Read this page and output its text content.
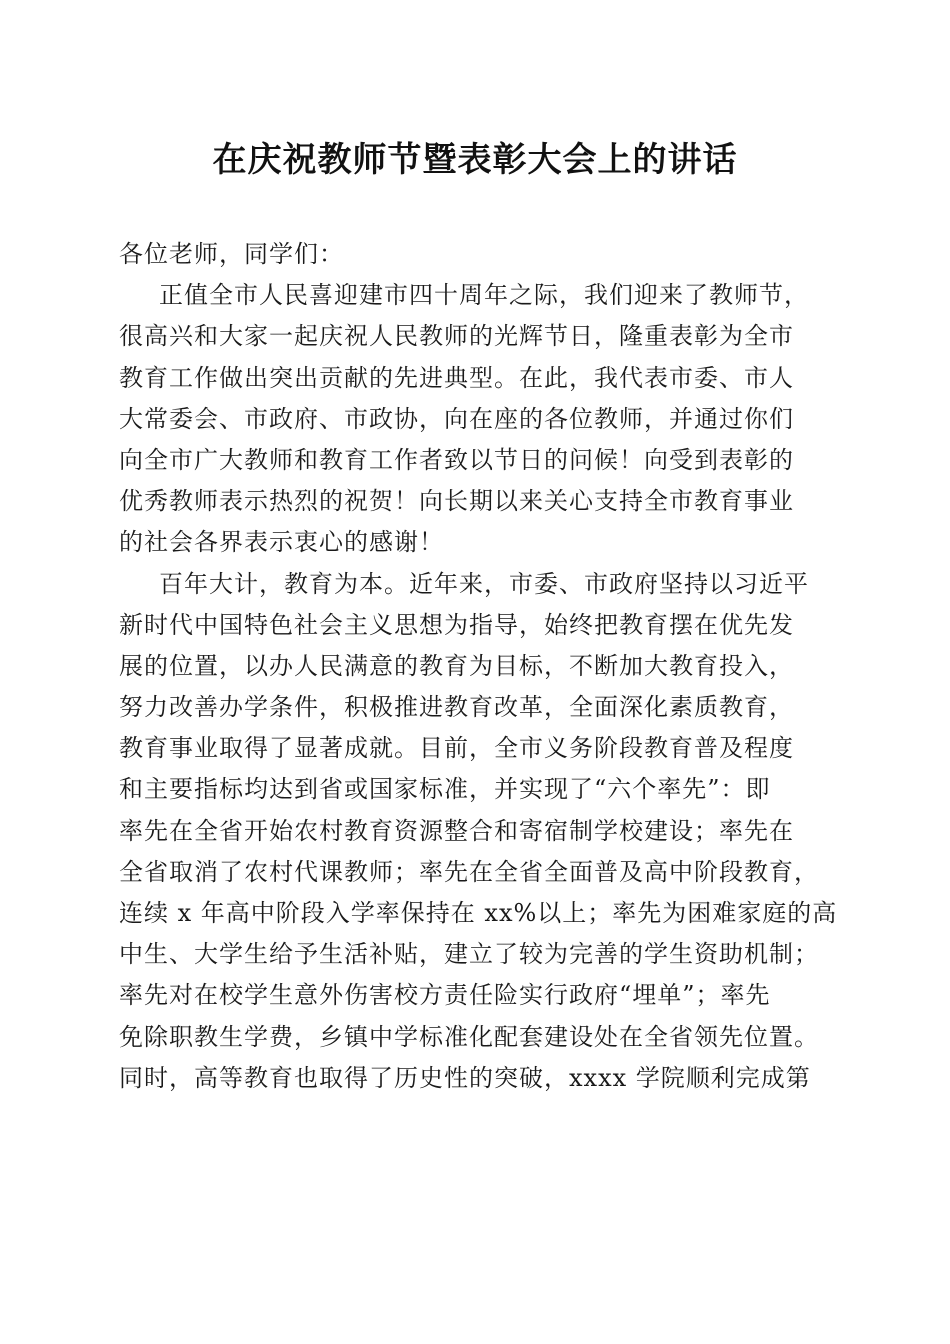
在庆祝教师节暨表彰大会上的讲话
各位老师，同学们：
正值全市人民喜迎建市四十周年之际，我们迎来了教师节，
很高兴和大家一起庆祝人民教师的光辉节日，隆重表彰为全市
教育工作做出突出贡献的先进典型。在此，我代表市委、市人
大常委会、市政府、市政协，向在座的各位教师，并通过你们
向全市广大教师和教育工作者致以节日的问候！向受到表彰的
优秀教师表示热烈的祝贺！向长期以来关心支持全市教育事业
的社会各界表示衷心的感谢！
百年大计，教育为本。近年来，市委、市政府坚持以习近平
新时代中国特色社会主义思想为指导，始终把教育摆在优先发
展的位置，以办人民满意的教育为目标，不断加大教育投入，
努力改善办学条件，积极推进教育改革，全面深化素质教育，
教育事业取得了显著成就。目前，全市义务阶段教育普及程度
和主要指标均达到省或国家标准，并实现了“六个率先”：即
率先在全省开始农村教育资源整合和寄宿制学校建设；率先在
全省取消了农村代课教师；率先在全省全面普及高中阶段教育，
连续 x 年高中阶段入学率保持在 xx%以上；率先为困难家庭的高
中生、大学生给予生活补贴，建立了较为完善的学生资助机制；
率先对在校学生意外伤害校方责任险实行政府“埋单”；率先
免除职教生学费，乡镇中学标准化配套建设处在全省领先位置。
同时，高等教育也取得了历史性的突破，xxxx 学院顺利完成第
